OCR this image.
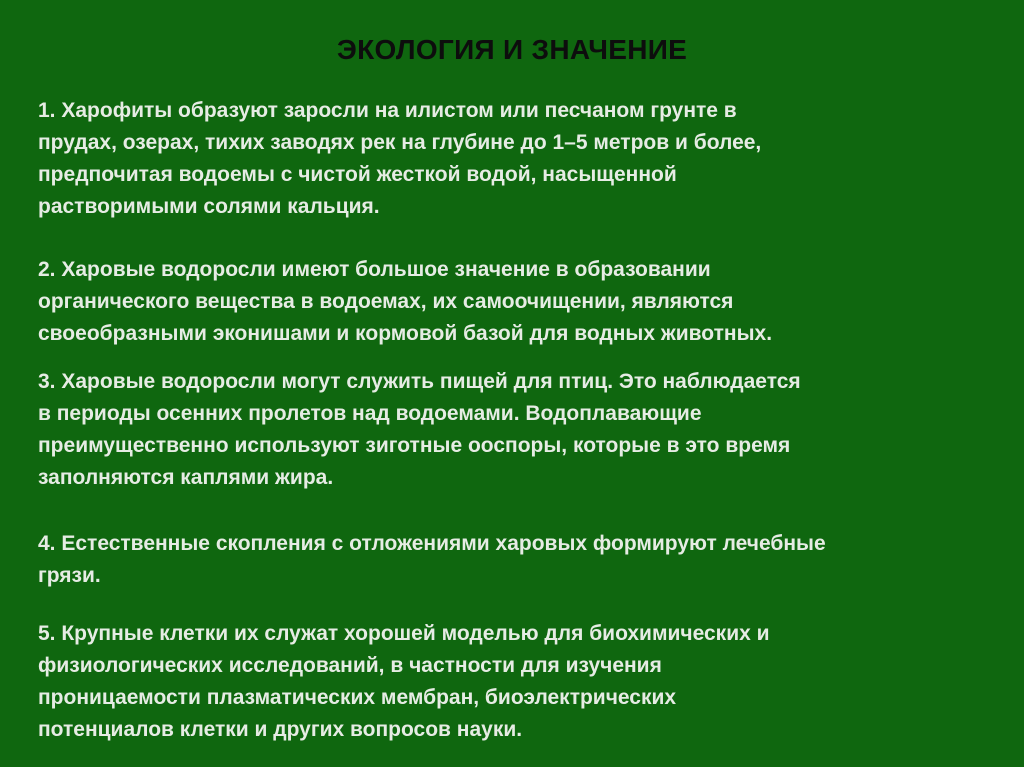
ЭКОЛОГИЯ И ЗНАЧЕНИЕ

1. Харофиты образуют заросли на илистом или песчаном грунте в
прудах, озерах, тихих заводях рек на глубине до 1–5 метров и более,
предпочитая водоемы с чистой жесткой водой, насыщенной
растворимыми солями кальция.

2. Харовые водоросли имеют большое значение в образовании
органического вещества в водоемах, их самоочищении, являются
своеобразными эконишами и кормовой базой для водных животных.

3. Харовые водоросли могут служить пищей для птиц. Это наблюдается
в периоды осенних пролетов над водоемами. Водоплавающие
преимущественно используют зиготные ооспоры, которые в это время
заполняются каплями жира.

4. Естественные скопления с отложениями харовых формируют лечебные
грязи.

5. Крупные клетки их служат хорошей моделью для биохимических и
физиологических исследований, в частности для изучения
проницаемости плазматических мембран, биоэлектрических
потенциалов клетки и других вопросов науки.
